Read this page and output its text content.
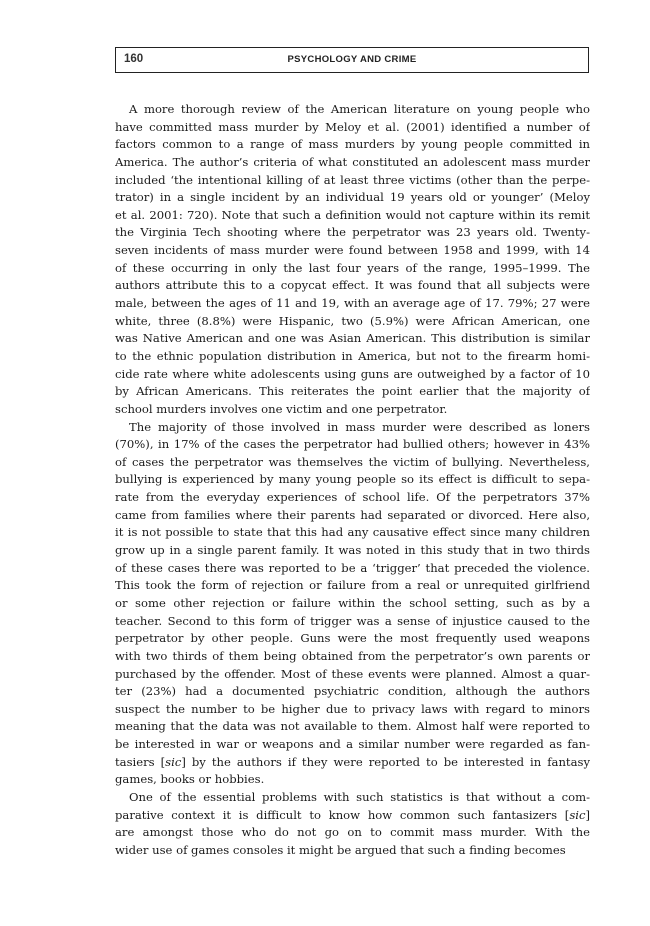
160	PSYCHOLOGY AND CRIME
A more thorough review of the American literature on young people who
have committed mass murder by Meloy et al. (2001) identified a number of
factors common to a range of mass murders by young people committed in
America. The author’s criteria of what constituted an adolescent mass murder
included ‘the intentional killing of at least three victims (other than the perpe-
trator) in a single incident by an individual 19 years old or younger’ (Meloy
et al. 2001: 720). Note that such a definition would not capture within its remit
the Virginia Tech shooting where the perpetrator was 23 years old. Twenty-
seven incidents of mass murder were found between 1958 and 1999, with 14
of these occurring in only the last four years of the range, 1995–1999. The
authors attribute this to a copycat effect. It was found that all subjects were
male, between the ages of 11 and 19, with an average age of 17. 79%; 27 were
white, three (8.8%) were Hispanic, two (5.9%) were African American, one
was Native American and one was Asian American. This distribution is similar
to the ethnic population distribution in America, but not to the firearm homi-
cide rate where white adolescents using guns are outweighed by a factor of 10
by African Americans. This reiterates the point earlier that the majority of
school murders involves one victim and one perpetrator.
The majority of those involved in mass murder were described as loners
(70%), in 17% of the cases the perpetrator had bullied others; however in 43%
of cases the perpetrator was themselves the victim of bullying. Nevertheless,
bullying is experienced by many young people so its effect is difficult to sepa-
rate from the everyday experiences of school life. Of the perpetrators 37%
came from families where their parents had separated or divorced. Here also,
it is not possible to state that this had any causative effect since many children
grow up in a single parent family. It was noted in this study that in two thirds
of these cases there was reported to be a ‘trigger’ that preceded the violence.
This took the form of rejection or failure from a real or unrequited girlfriend
or some other rejection or failure within the school setting, such as by a
teacher. Second to this form of trigger was a sense of injustice caused to the
perpetrator by other people. Guns were the most frequently used weapons
with two thirds of them being obtained from the perpetrator’s own parents or
purchased by the offender. Most of these events were planned. Almost a quar-
ter (23%) had a documented psychiatric condition, although the authors
suspect the number to be higher due to privacy laws with regard to minors
meaning that the data was not available to them. Almost half were reported to
be interested in war or weapons and a similar number were regarded as fan-
tasiers [sic] by the authors if they were reported to be interested in fantasy
games, books or hobbies.
One of the essential problems with such statistics is that without a com-
parative context it is difficult to know how common such fantasizers [sic]
are amongst those who do not go on to commit mass murder. With the
wider use of games consoles it might be argued that such a finding becomes
